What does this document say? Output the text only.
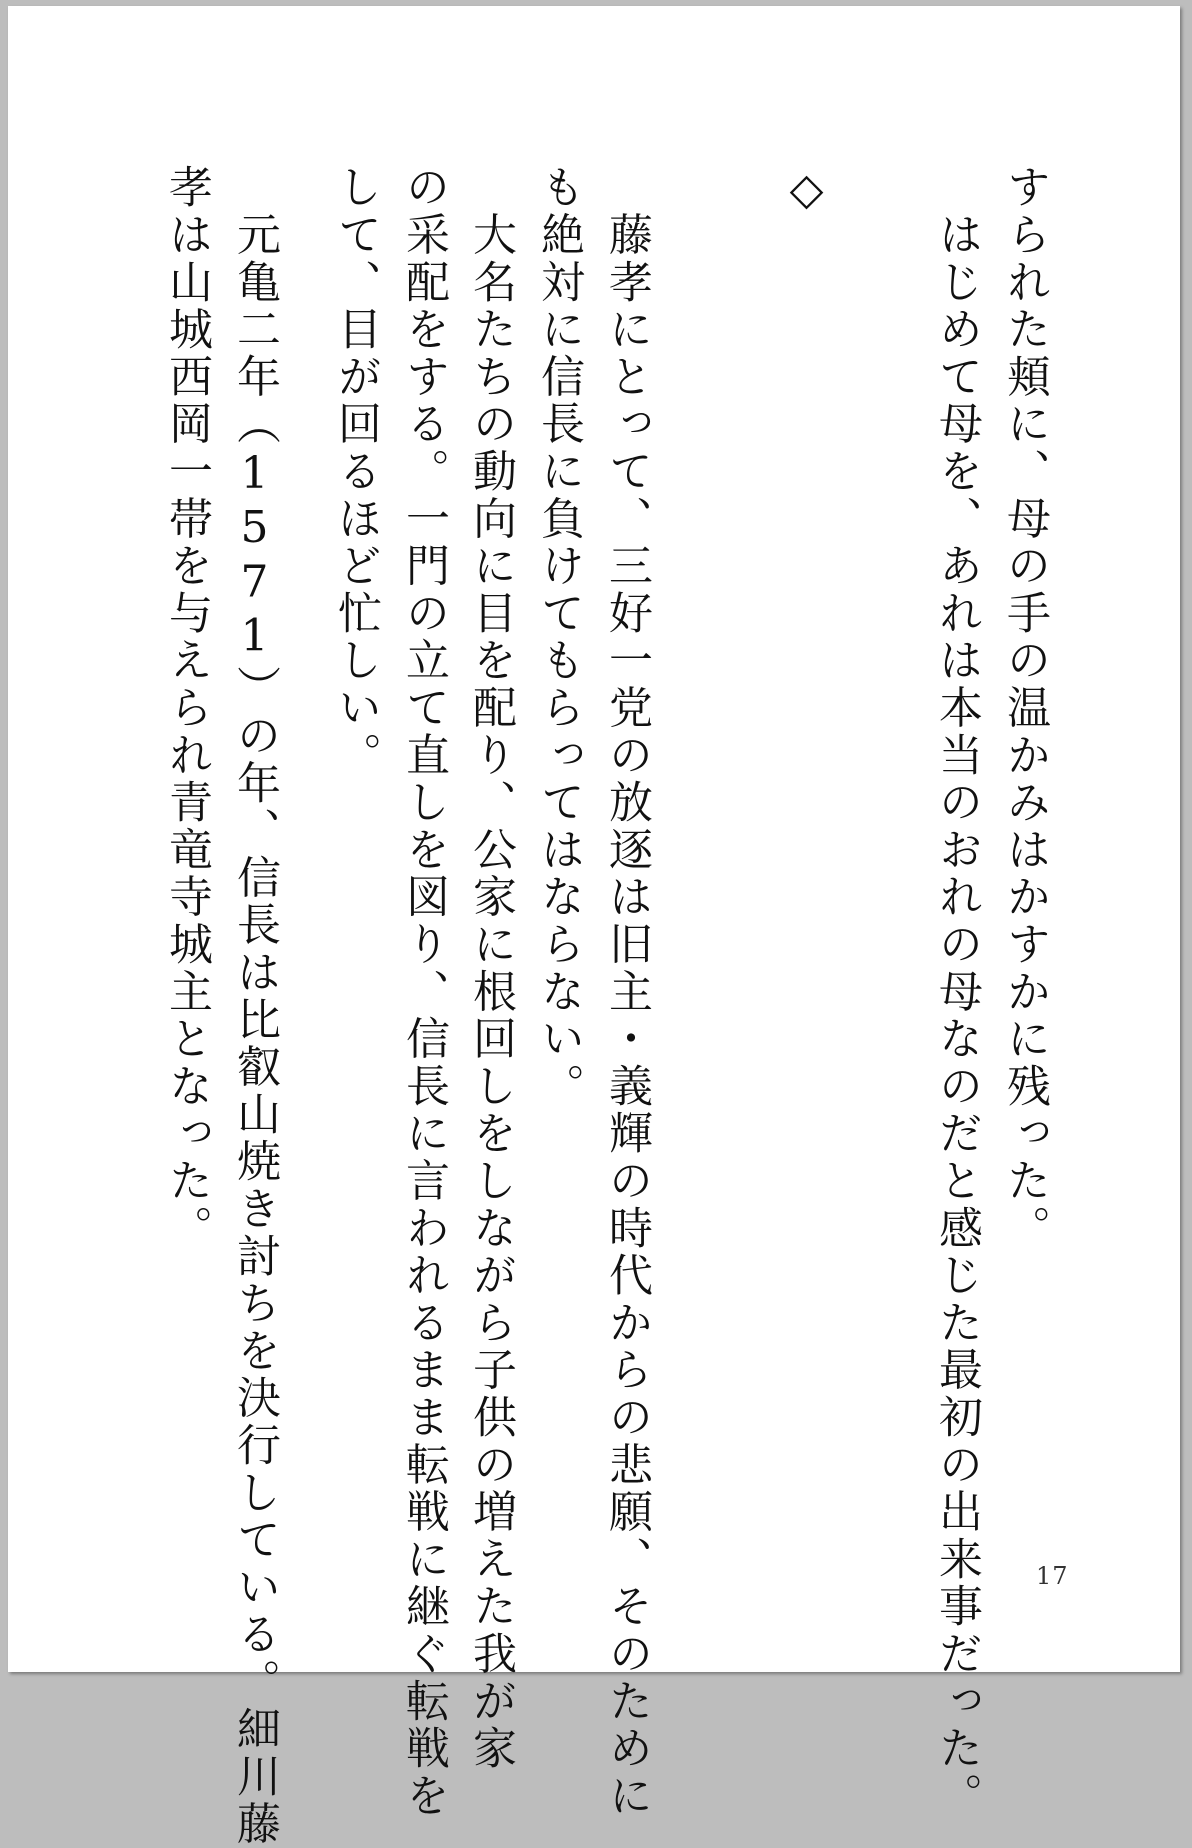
すられた頬に、母の手の温かみはかすかに残った。
　はじめて母を、あれは本当のおれの母なのだと感じた最初の出来事だった。
◇
　藤孝にとって、三好一党の放逐は旧主・義輝の時代からの悲願、そのために
も絶対に信長に負けてもらってはならない。
　大名たちの動向に目を配り、公家に根回しをしながら子供の増えた我が家
の采配をする。一門の立て直しを図り、信長に言われるまま転戦に継ぐ転戦を
して、目が回るほど忙しい。
　元亀二年（1571）の年、信長は比叡山焼き討ちを決行している。細川藤
孝は山城西岡一帯を与えられ青竜寺城主となった。
17
